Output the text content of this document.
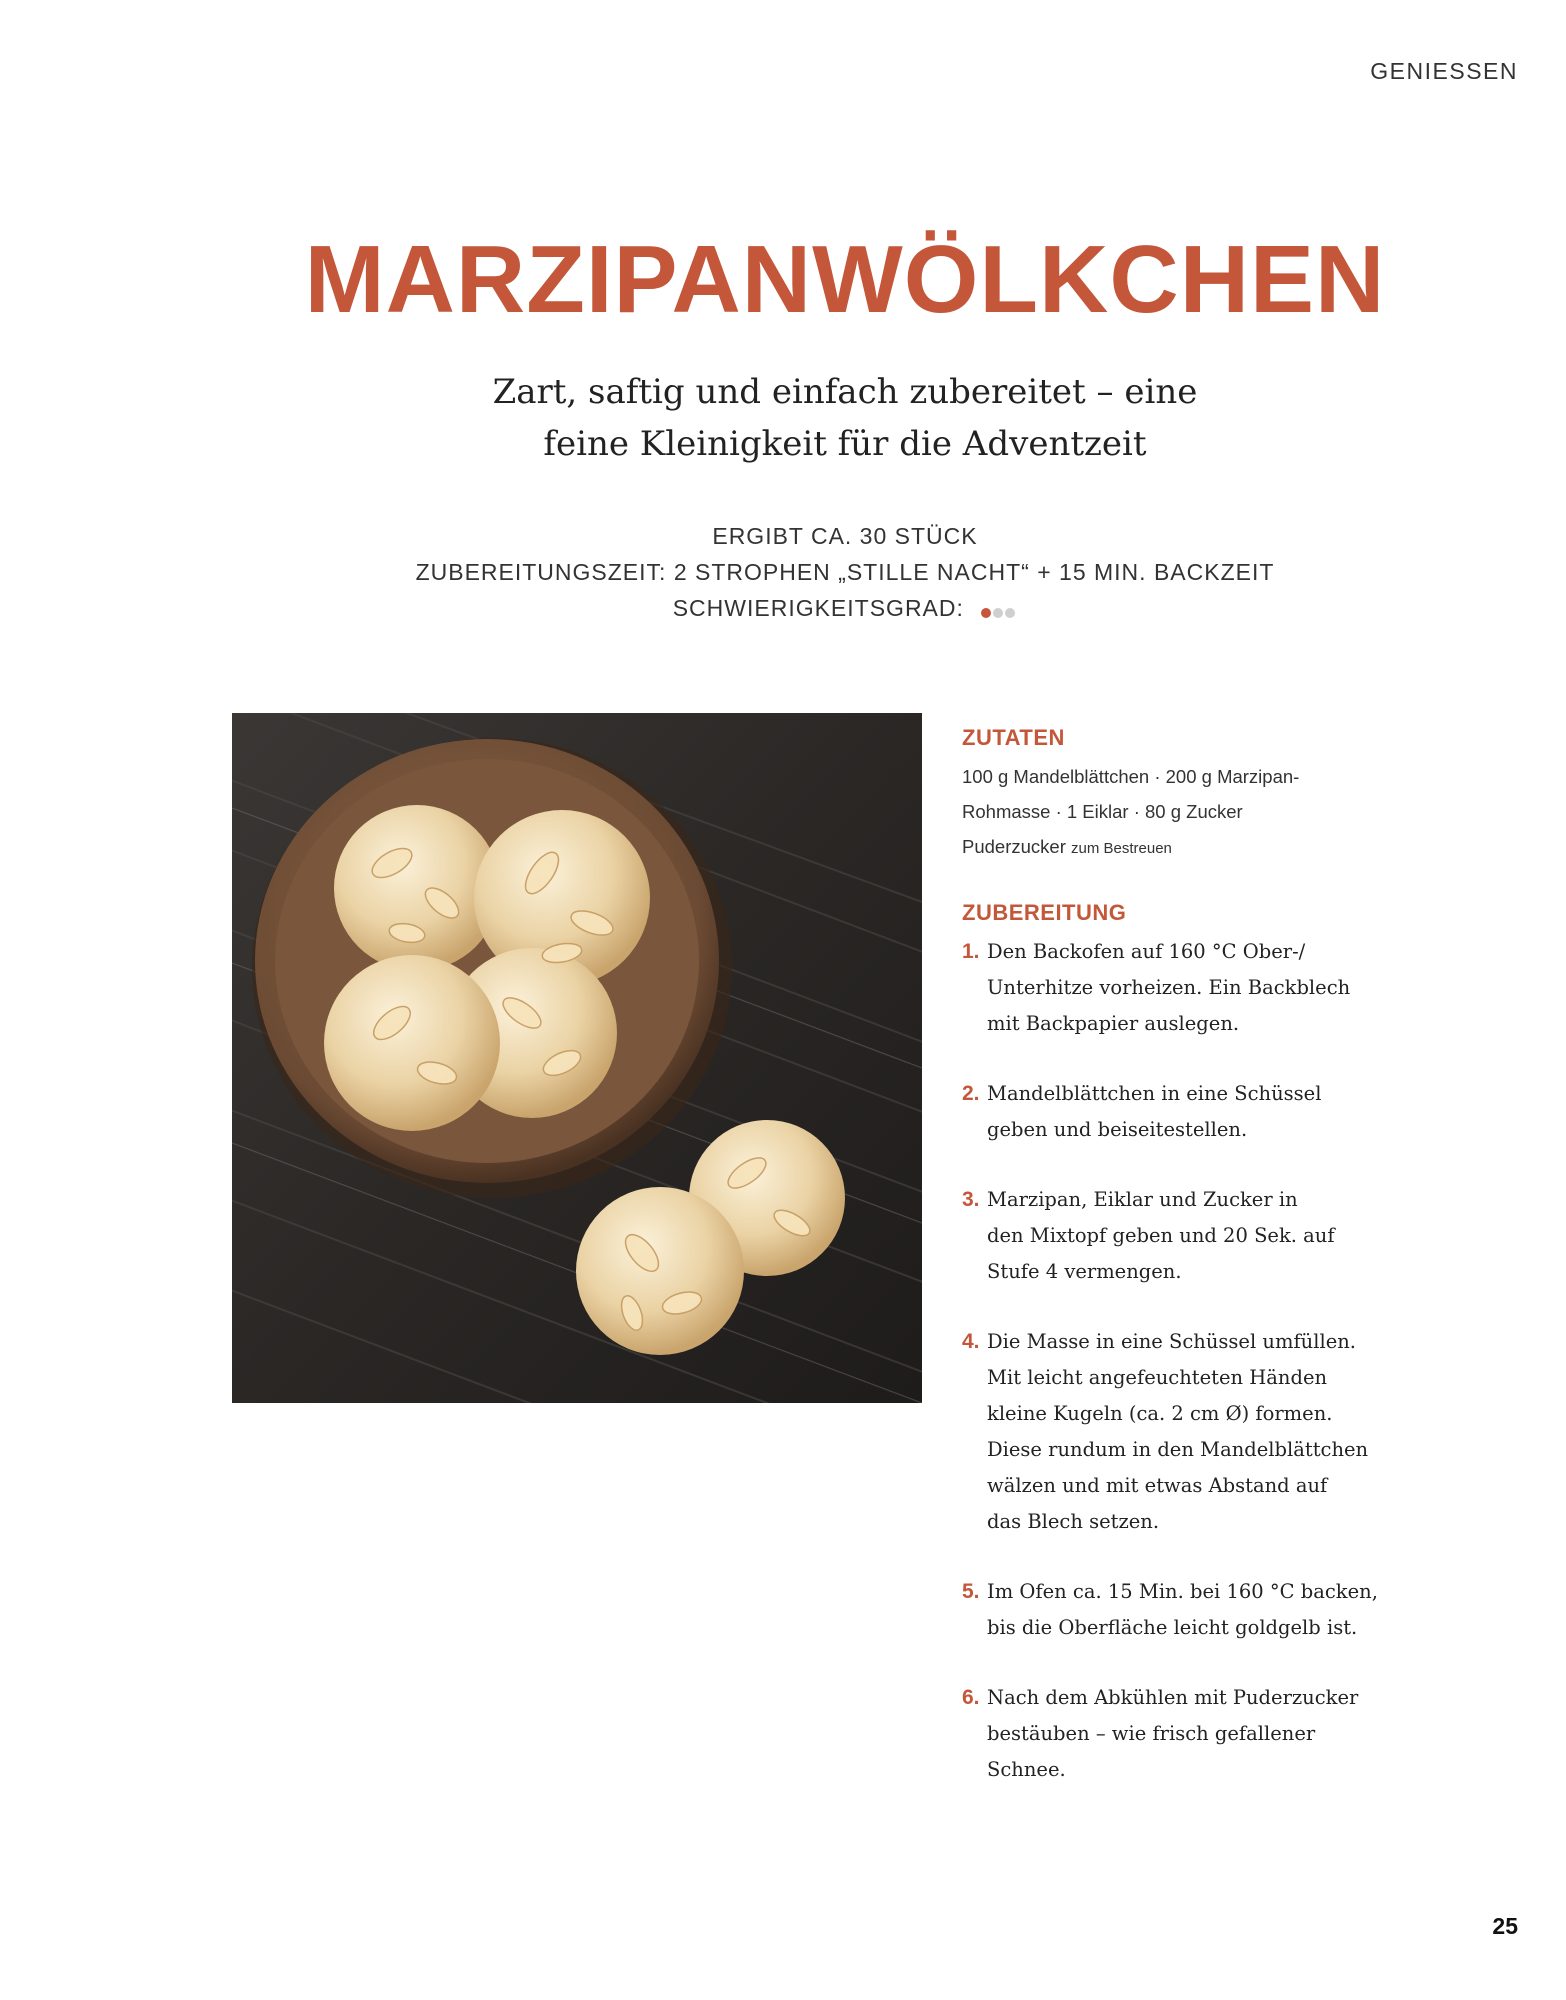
GENIESSEN
MARZIPANWÖLKCHEN
Zart, saftig und einfach zubereitet – eine
feine Kleinigkeit für die Adventzeit
ERGIBT CA. 30 STÜCK
ZUBEREITUNGSZEIT: 2 STROPHEN „STILLE NACHT“ + 15 MIN. BACKZEIT
SCHWIERIGKEITSGRAD:
ZUTATEN
100 g Mandelblättchen · 200 g Marzipan-
Rohmasse · 1 Eiklar · 80 g Zucker
Puderzucker zum Bestreuen
ZUBEREITUNG
1. Den Backofen auf 160 °C Ober-/
Unterhitze vorheizen. Ein Backblech
mit Backpapier auslegen.
2. Mandelblättchen in eine Schüssel
geben und beiseitestellen.
3. Marzipan, Eiklar und Zucker in
den Mixtopf geben und 20 Sek. auf
Stufe 4 vermengen.
4. Die Masse in eine Schüssel umfüllen.
Mit leicht angefeuchteten Händen
kleine Kugeln (ca. 2 cm Ø) formen.
Diese rundum in den Mandelblättchen
wälzen und mit etwas Abstand auf
das Blech setzen.
5. Im Ofen ca. 15 Min. bei 160 °C backen,
bis die Oberfläche leicht goldgelb ist.
6. Nach dem Abkühlen mit Puderzucker
bestäuben – wie frisch gefallener
Schnee.
25
